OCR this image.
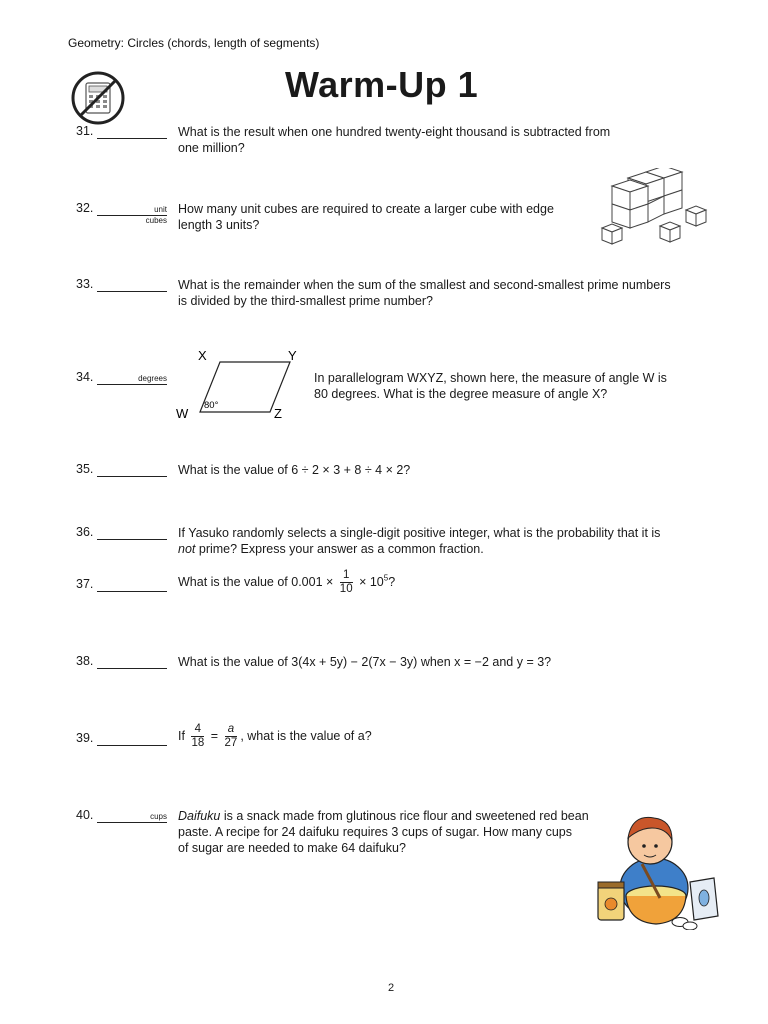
Geometry: Circles (chords, length of segments)
Warm-Up 1
31.	What is the result when one hundred twenty-eight thousand is subtracted from
one million?
32.	unit
cubes
How many unit cubes are required to create a larger cube with edge
length 3 units?
33.	What is the remainder when the sum of the smallest and second-smallest prime numbers
is divided by the third-smallest prime number?
34.	degrees	In parallelogram WXYZ, shown here, the measure of angle W is
80 degrees. What is the degree measure of angle X?
X	Y
W	Z
80°
35.	What is the value of 6 ÷ 2 × 3 + 8 ÷ 4 × 2?
36.	If Yasuko randomly selects a single-digit positive integer, what is the probability that it is
not prime? Express your answer as a common fraction.
37.	What is the value of $0.001 \times \frac{1}{10} \times 10^5$?
38.	What is the value of 3(4x + 5y) − 2(7x − 3y) when x = −2 and y = 3?
39.	If $\frac{4}{18} = \frac{a}{27}$ , what is the value of a?
40.	cups Daifuku is a snack made from glutinous rice flour and sweetened red bean
paste. A recipe for 24 daifuku requires 3 cups of sugar. How many cups
of sugar are needed to make 64 daifuku?
2
